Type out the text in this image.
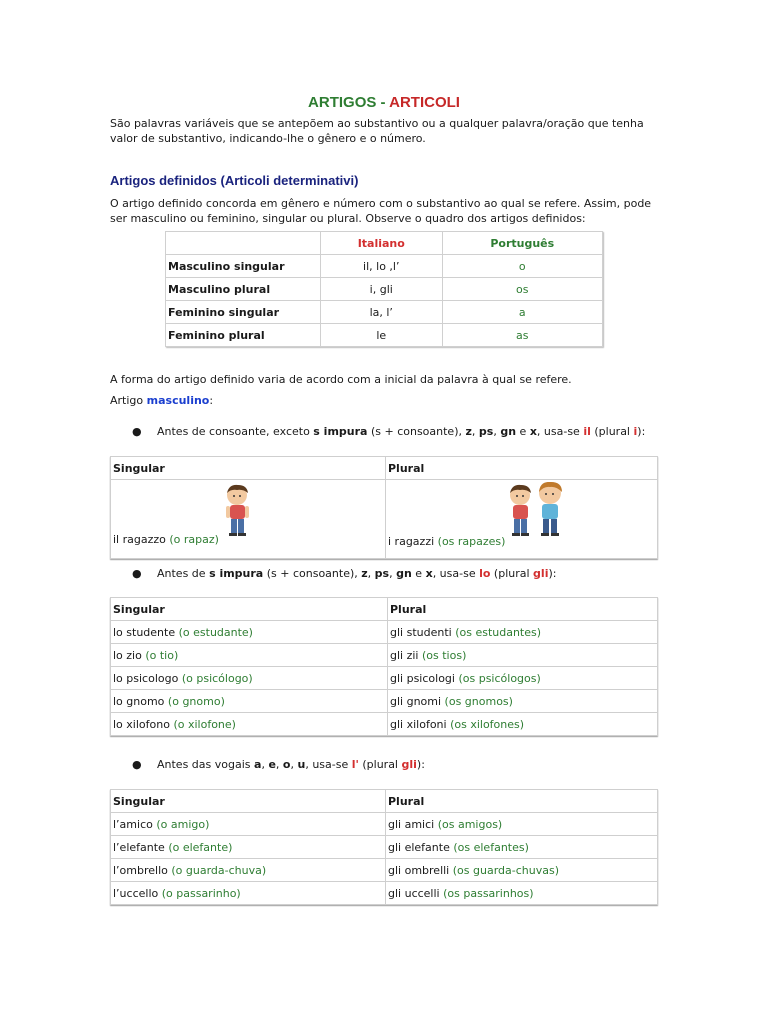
ARTIGOS - ARTICOLI
São palavras variáveis que se antepõem ao substantivo ou a qualquer palavra/oração que tenha valor de substantivo, indicando-lhe o gênero e o número.
Artigos definidos (Articoli determinativi)
O artigo definido concorda em gênero e número com o substantivo ao qual se refere. Assim, pode ser masculino ou feminino, singular ou plural. Observe o quadro dos artigos definidos:
	Italiano	Português
Masculino singular	il, lo ,l’	o
Masculino plural	i, gli	os
Feminino singular	la, l’	a
Feminino plural	le	as
A forma do artigo definido varia de acordo com a inicial da palavra à qual se refere.
Artigo masculino:
● Antes de consoante, exceto s impura (s + consoante), z, ps, gn e x, usa-se il (plural i):
Singular	Plural
il ragazzo (o rapaz)	i ragazzi (os rapazes)
● Antes de s impura (s + consoante), z, ps, gn e x, usa-se lo (plural gli):
Singular	Plural
lo studente (o estudante)	gli studenti (os estudantes)
lo zio (o tio)	gli zii (os tios)
lo psicologo (o psicólogo)	gli psicologi (os psicólogos)
lo gnomo (o gnomo)	gli gnomi (os gnomos)
lo xilofono (o xilofone)	gli xilofoni (os xilofones)
● Antes das vogais a, e, o, u, usa-se l' (plural gli):
Singular	Plural
l’amico (o amigo)	gli amici (os amigos)
l’elefante (o elefante)	gli elefante (os elefantes)
l’ombrello (o guarda-chuva)	gli ombrelli (os guarda-chuvas)
l’uccello (o passarinho)	gli uccelli (os passarinhos)
